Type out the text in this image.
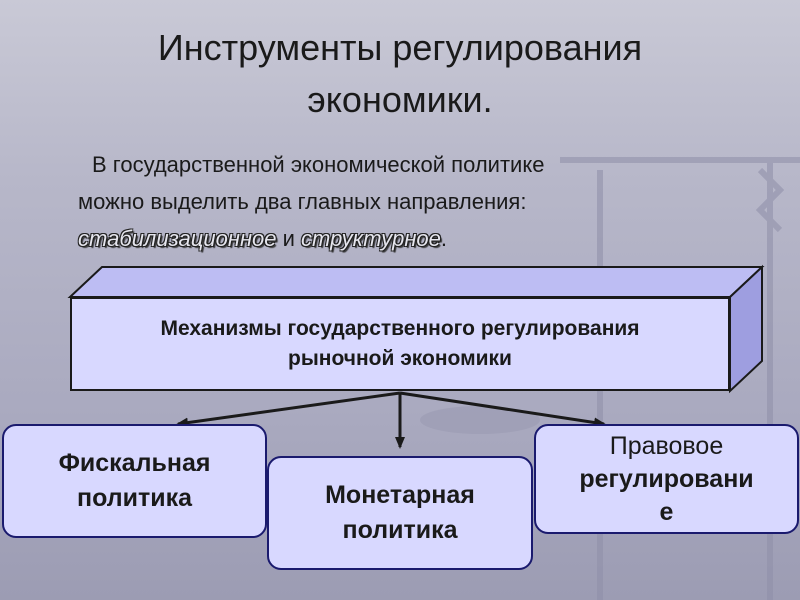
Инструменты регулирования
экономики.
В государственной экономической политике
можно выделить два главных направления:
стабилизационное и структурное.
Механизмы государственного регулирования
рыночной экономики
Фискальная
политика	Монетарная
политика
Правовое
регулировани
е
